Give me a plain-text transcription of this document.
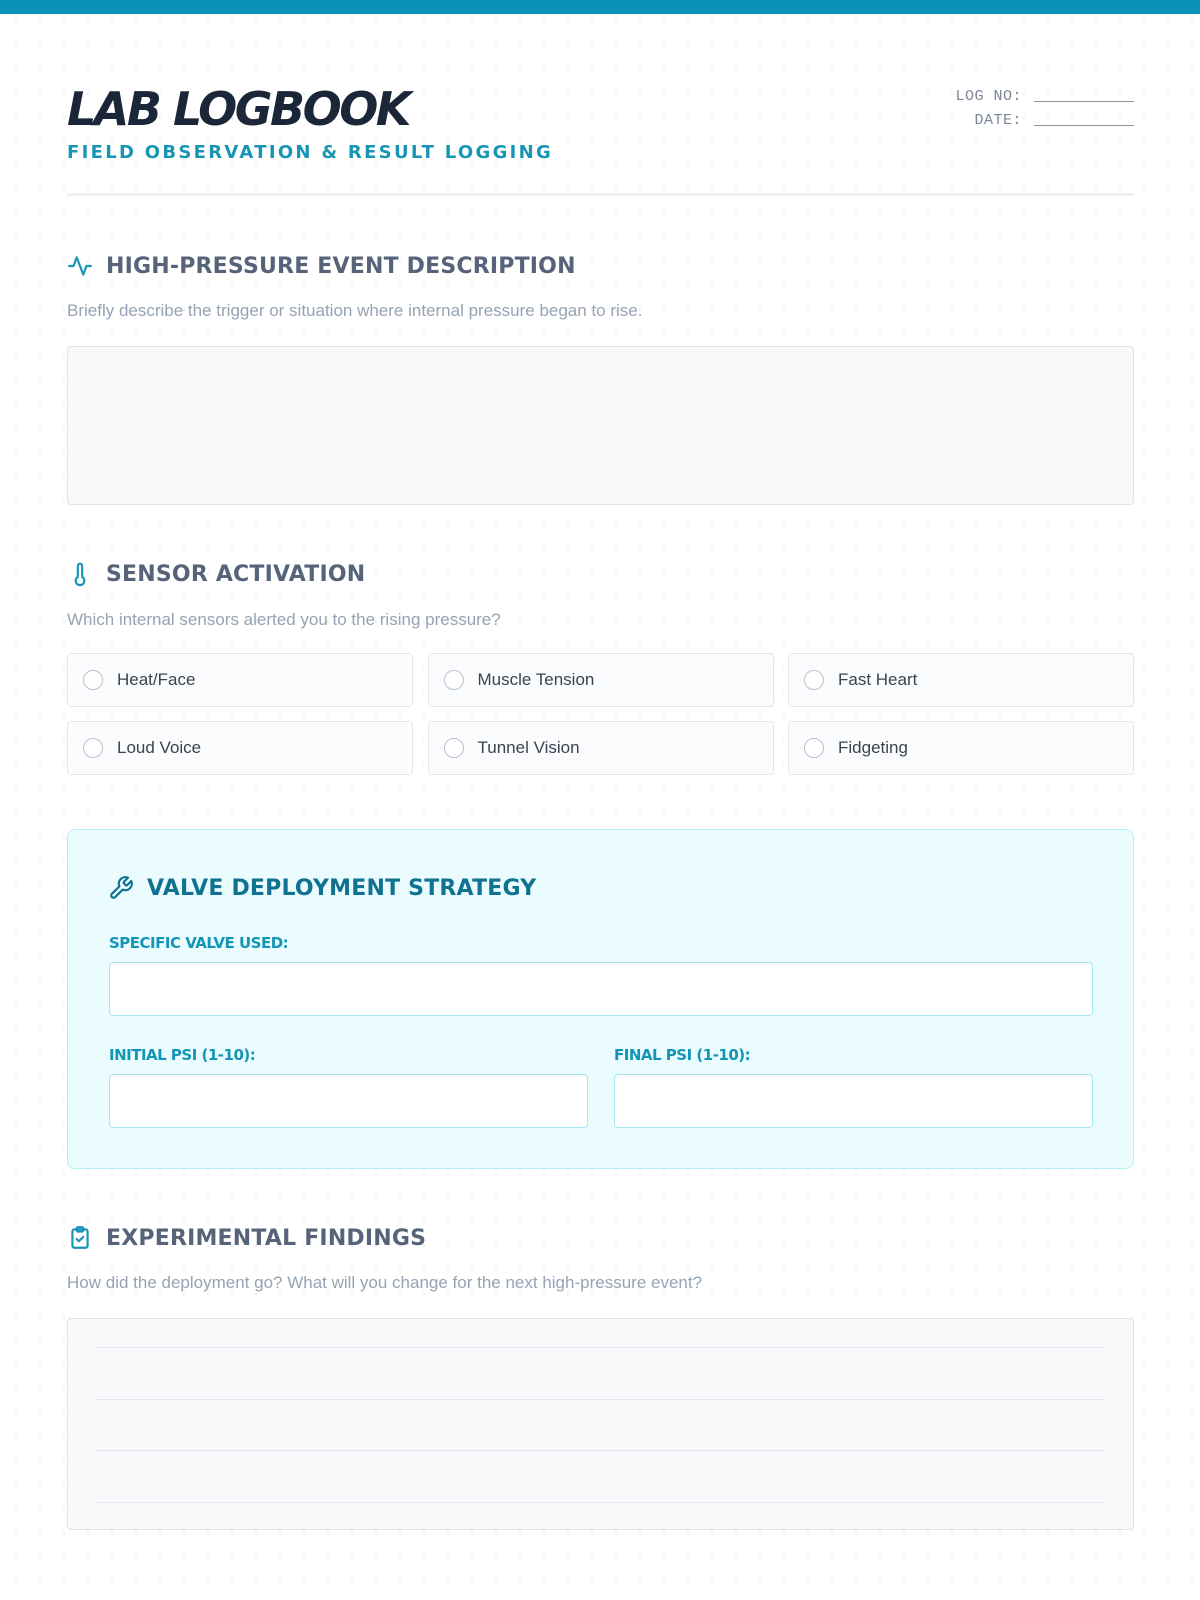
LAB LOGBOOK
FIELD OBSERVATION & RESULT LOGGING
LOG NO:
DATE:
HIGH-PRESSURE EVENT DESCRIPTION
Briefly describe the trigger or situation where internal pressure began to rise.
SENSOR ACTIVATION
Which internal sensors alerted you to the rising pressure?
Heat/Face	Muscle Tension	Fast Heart
Loud Voice	Tunnel Vision	Fidgeting
VALVE DEPLOYMENT STRATEGY
SPECIFIC VALVE USED:
INITIAL PSI (1-10):	FINAL PSI (1-10):
EXPERIMENTAL FINDINGS
How did the deployment go? What will you change for the next high-pressure event?
